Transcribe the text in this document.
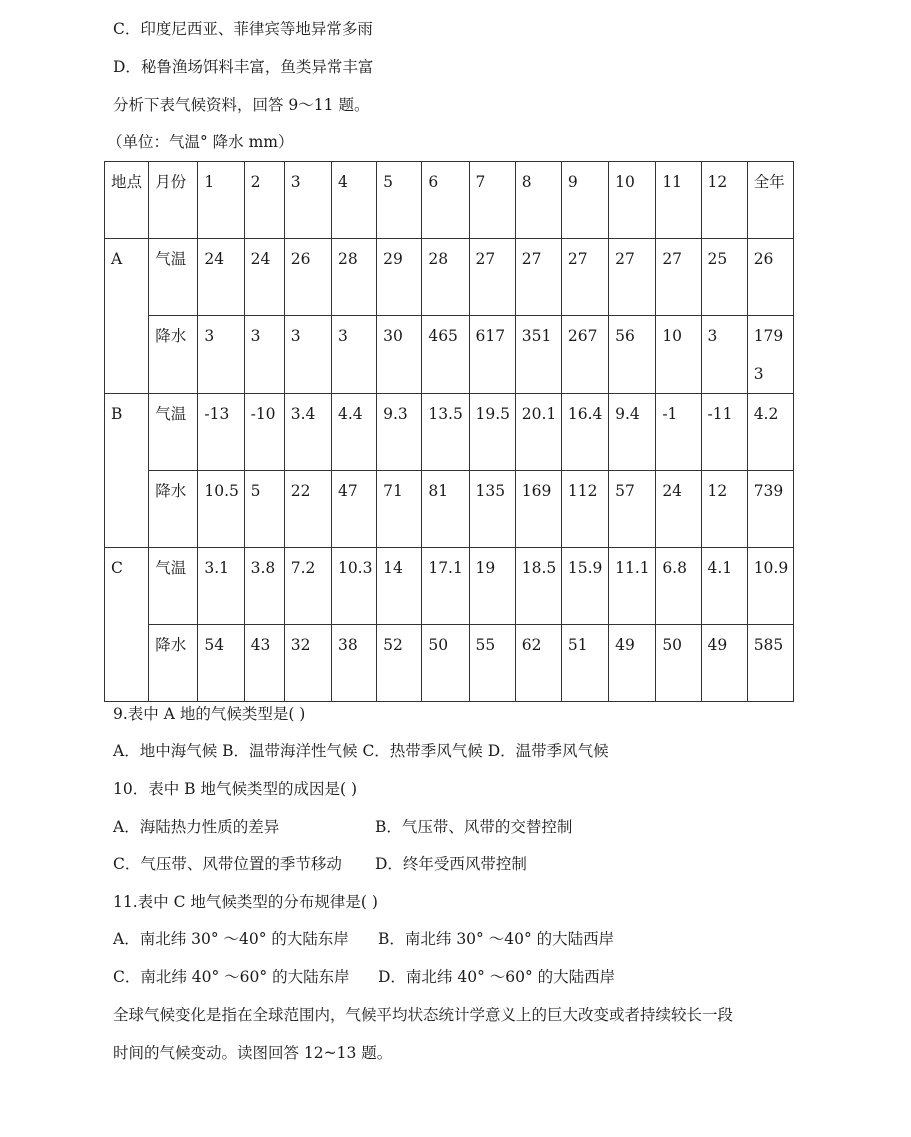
C．印度尼西亚、菲律宾等地异常多雨
D．秘鲁渔场饵料丰富，鱼类异常丰富
分析下表气候资料，回答 9～11 题。
（单位：气温° 降水 mm）
地点	月份	1	2	3	4	5	6	7	8	9	10	11	12	全年

A	气温	24	24	26	28	29	28	27	27	27	27	27	25	26

	降水	3	3	3	3	30	465	617	351	267	56	10	3	1793

B	气温	-13	-10	3.4	4.4	9.3	13.5	19.5	20.1	16.4	9.4	-1	-11	4.2

	降水	10.5	5	22	47	71	81	135	169	112	57	24	12	739

C	气温	3.1	3.8	7.2	10.3	14	17.1	19	18.5	15.9	11.1	6.8	4.1	10.9

	降水	54	43	32	38	52	50	55	62	51	49	50	49	585
9.表中 A 地的气候类型是( )
A．地中海气候 B．温带海洋性气候 C．热带季风气候 D．温带季风气候
10．表中 B 地气候类型的成因是( )
A．海陆热力性质的差异	B．气压带、风带的交替控制
C．气压带、风带位置的季节移动 D．终年受西风带控制
11.表中 C 地气候类型的分布规律是( )
A．南北纬 30° ～40° 的大陆东岸 B．南北纬 30° ～40° 的大陆西岸
C．南北纬 40° ～60° 的大陆东岸 D．南北纬 40° ～60° 的大陆西岸
全球气候变化是指在全球范围内，气候平均状态统计学意义上的巨大改变或者持续较长一段
时间的气候变动。读图回答 12~13 题。
